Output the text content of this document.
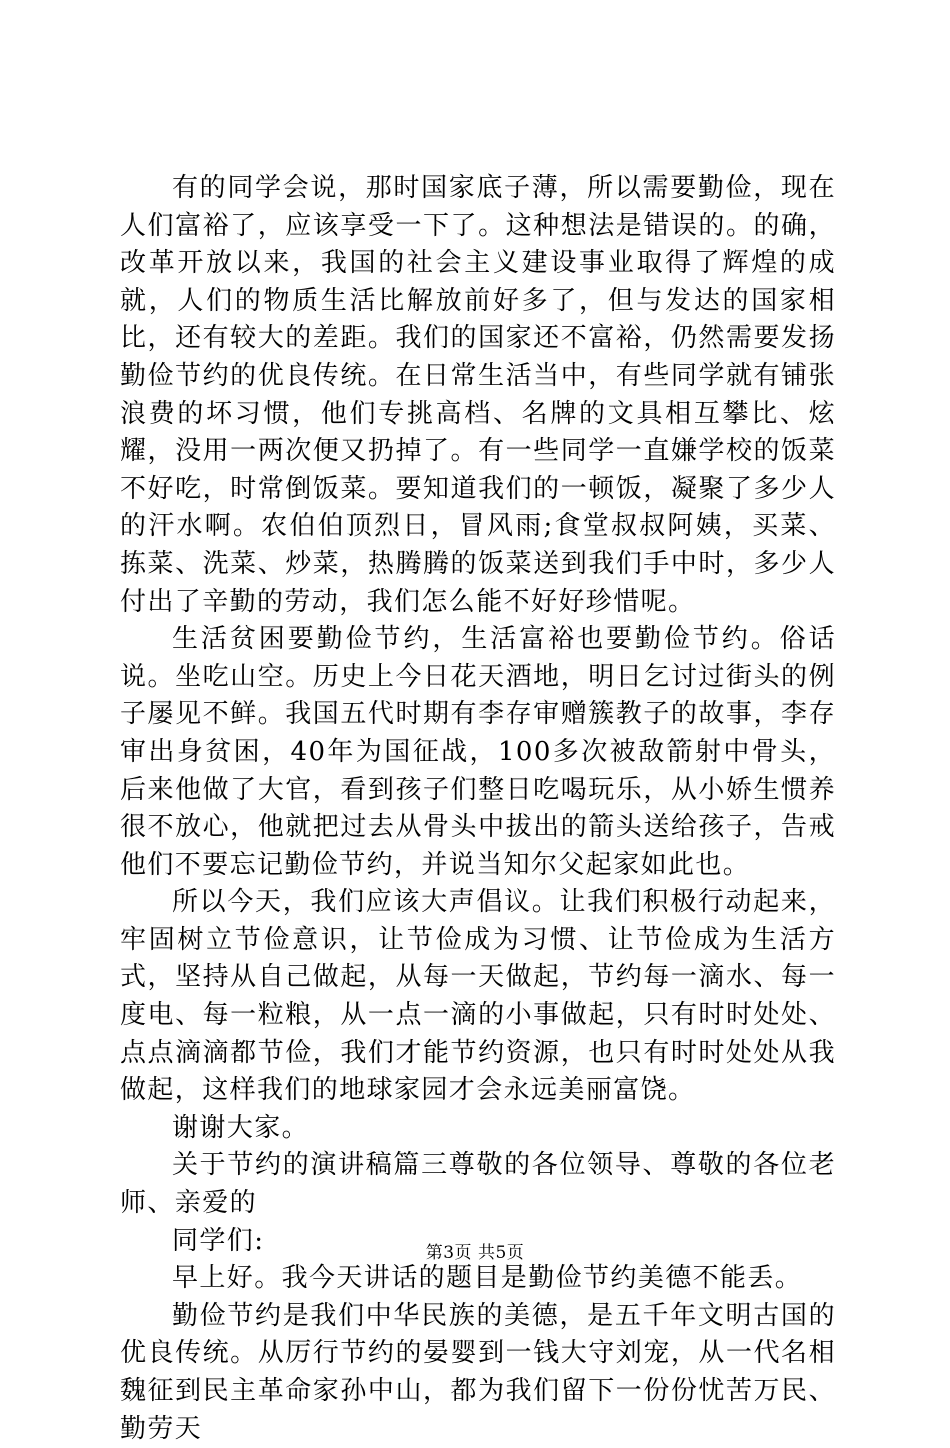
有的同学会说，那时国家底子薄，所以需要勤俭，现在人们富裕了，应该享受一下了。这种想法是错误的。的确，改革开放以来，我国的社会主义建设事业取得了辉煌的成就，人们的物质生活比解放前好多了，但与发达的国家相比，还有较大的差距。我们的国家还不富裕，仍然需要发扬勤俭节约的优良传统。在日常生活当中，有些同学就有铺张浪费的坏习惯，他们专挑高档、名牌的文具相互攀比、炫耀，没用一两次便又扔掉了。有一些同学一直嫌学校的饭菜不好吃，时常倒饭菜。要知道我们的一顿饭，凝聚了多少人的汗水啊。农伯伯顶烈日，冒风雨;食堂叔叔阿姨，买菜、拣菜、洗菜、炒菜，热腾腾的饭菜送到我们手中时，多少人付出了辛勤的劳动，我们怎么能不好好珍惜呢。

生活贫困要勤俭节约，生活富裕也要勤俭节约。俗话说。坐吃山空。历史上今日花天酒地，明日乞讨过街头的例子屡见不鲜。我国五代时期有李存审赠簇教子的故事，李存审出身贫困，40年为国征战，100多次被敌箭射中骨头，后来他做了大官，看到孩子们整日吃喝玩乐，从小娇生惯养很不放心，他就把过去从骨头中拔出的箭头送给孩子，告戒他们不要忘记勤俭节约，并说当知尔父起家如此也。

所以今天，我们应该大声倡议。让我们积极行动起来，牢固树立节俭意识，让节俭成为习惯、让节俭成为生活方式，坚持从自己做起，从每一天做起，节约每一滴水、每一度电、每一粒粮，从一点一滴的小事做起，只有时时处处、点点滴滴都节俭，我们才能节约资源，也只有时时处处从我做起，这样我们的地球家园才会永远美丽富饶。

谢谢大家。

关于节约的演讲稿篇三尊敬的各位领导、尊敬的各位老师、亲爱的

同学们:

早上好。我今天讲话的题目是勤俭节约美德不能丢。

勤俭节约是我们中华民族的美德，是五千年文明古国的优良传统。从厉行节约的晏婴到一钱大守刘宠，从一代名相魏征到民主革命家孙中山，都为我们留下一份份忧苦万民、勤劳天

第3页 共5页
